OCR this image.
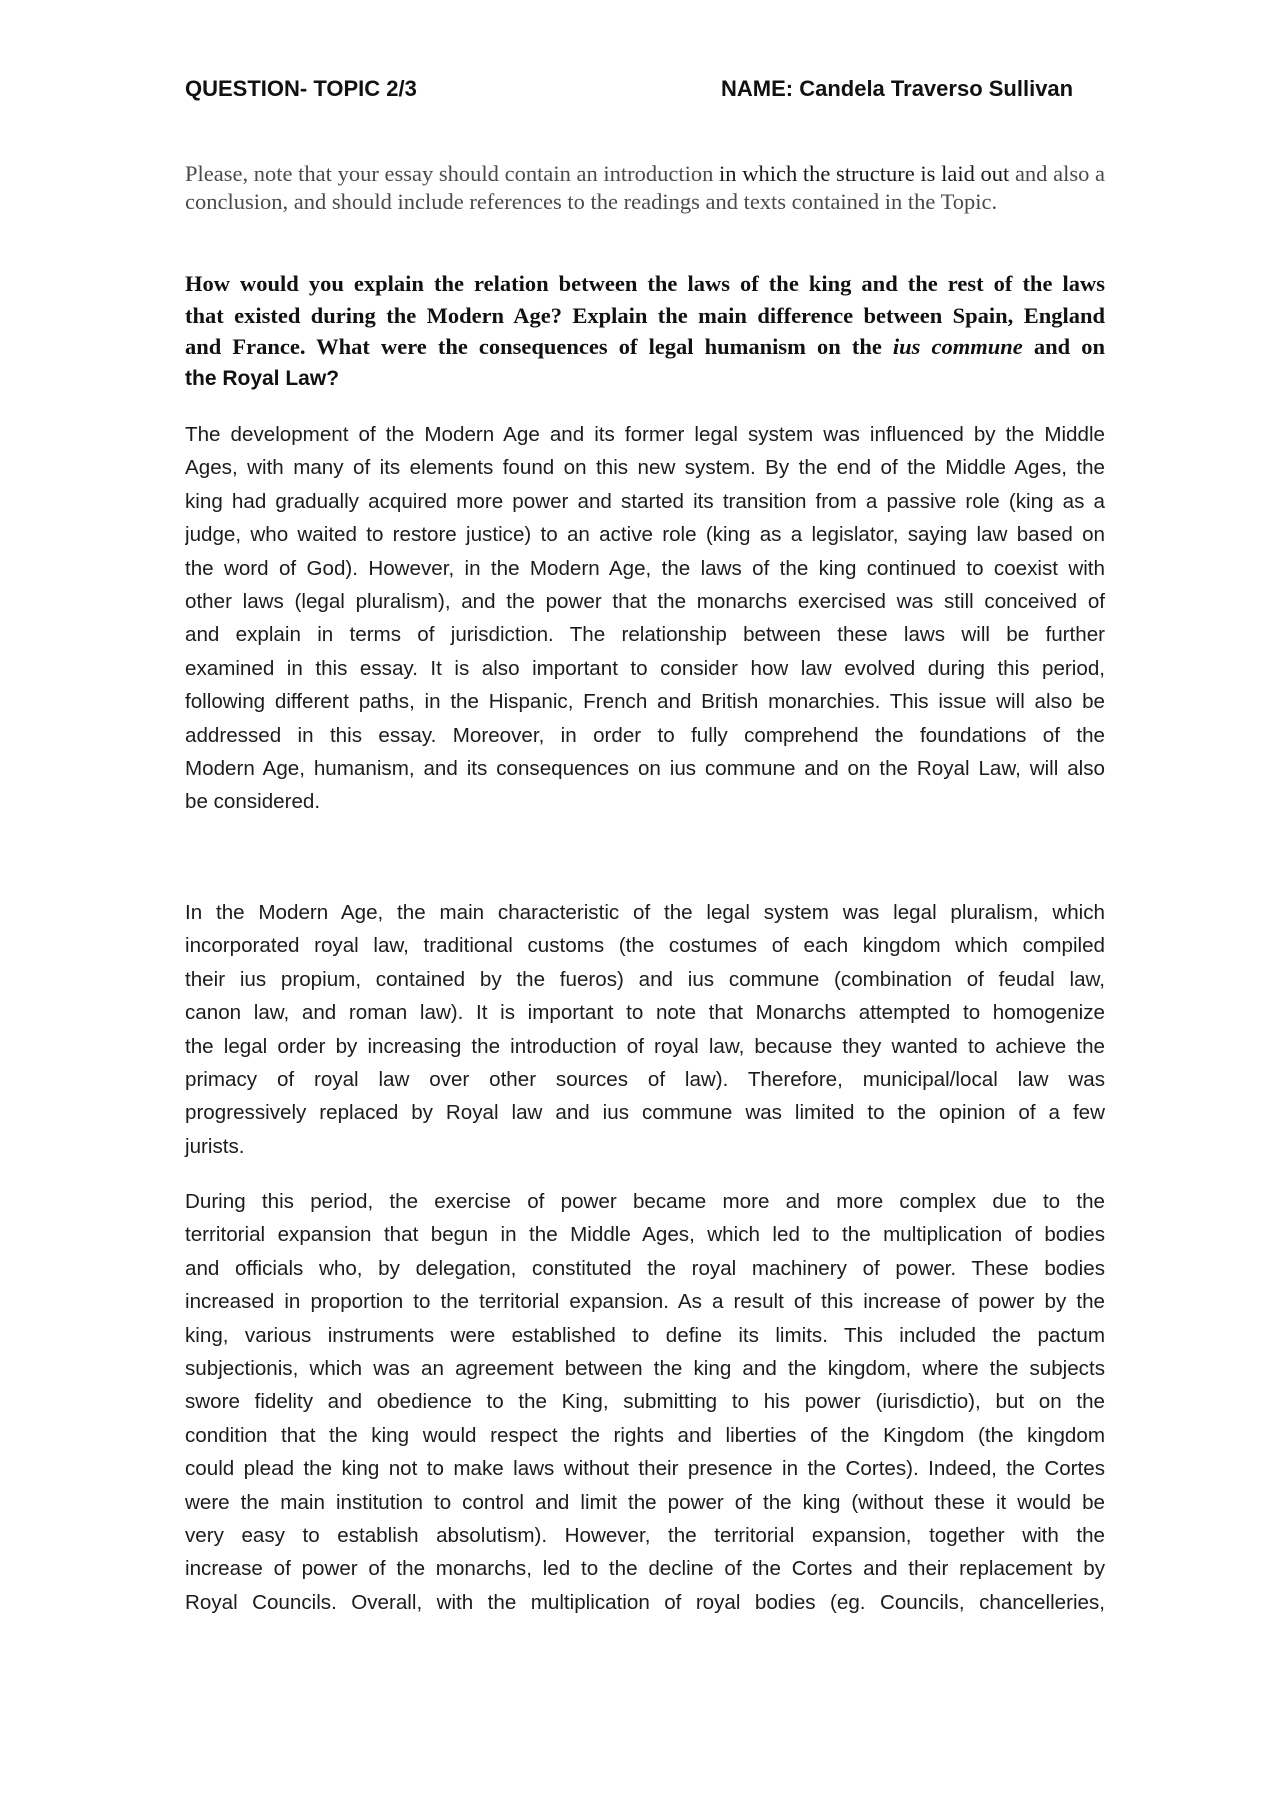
QUESTION- TOPIC 2/3	NAME: Candela Traverso Sullivan

Please, note that your essay should contain an introduction in which the structure is laid out and also a conclusion, and should include references to the readings and texts contained in the Topic.

How would you explain the relation between the laws of the king and the rest of the laws
that existed during the Modern Age? Explain the main difference between Spain, England
and France. What were the consequences of legal humanism on the ius commune and on
the Royal Law?
The development of the Modern Age and its former legal system was influenced by the Middle
Ages, with many of its elements found on this new system. By the end of the Middle Ages, the
king had gradually acquired more power and started its transition from a passive role (king as a
judge, who waited to restore justice) to an active role (king as a legislator, saying law based on
the word of God). However, in the Modern Age, the laws of the king continued to coexist with
other laws (legal pluralism), and the power that the monarchs exercised was still conceived of
and explain in terms of jurisdiction. The relationship between these laws will be further
examined in this essay. It is also important to consider how law evolved during this period,
following different paths, in the Hispanic, French and British monarchies. This issue will also be
addressed in this essay. Moreover, in order to fully comprehend the foundations of the
Modern Age, humanism, and its consequences on ius commune and on the Royal Law, will also
be considered.
In the Modern Age, the main characteristic of the legal system was legal pluralism, which
incorporated royal law, traditional customs (the costumes of each kingdom which compiled
their ius propium, contained by the fueros) and ius commune (combination of feudal law,
canon law, and roman law). It is important to note that Monarchs attempted to homogenize
the legal order by increasing the introduction of royal law, because they wanted to achieve the
primacy of royal law over other sources of law). Therefore, municipal/local law was
progressively replaced by Royal law and ius commune was limited to the opinion of a few
jurists.
During this period, the exercise of power became more and more complex due to the
territorial expansion that begun in the Middle Ages, which led to the multiplication of bodies
and officials who, by delegation, constituted the royal machinery of power. These bodies
increased in proportion to the territorial expansion. As a result of this increase of power by the
king, various instruments were established to define its limits. This included the pactum
subjectionis, which was an agreement between the king and the kingdom, where the subjects
swore fidelity and obedience to the King, submitting to his power (iurisdictio), but on the
condition that the king would respect the rights and liberties of the Kingdom (the kingdom
could plead the king not to make laws without their presence in the Cortes). Indeed, the Cortes
were the main institution to control and limit the power of the king (without these it would be
very easy to establish absolutism). However, the territorial expansion, together with the
increase of power of the monarchs, led to the decline of the Cortes and their replacement by
Royal Councils. Overall, with the multiplication of royal bodies (eg. Councils, chancelleries,
